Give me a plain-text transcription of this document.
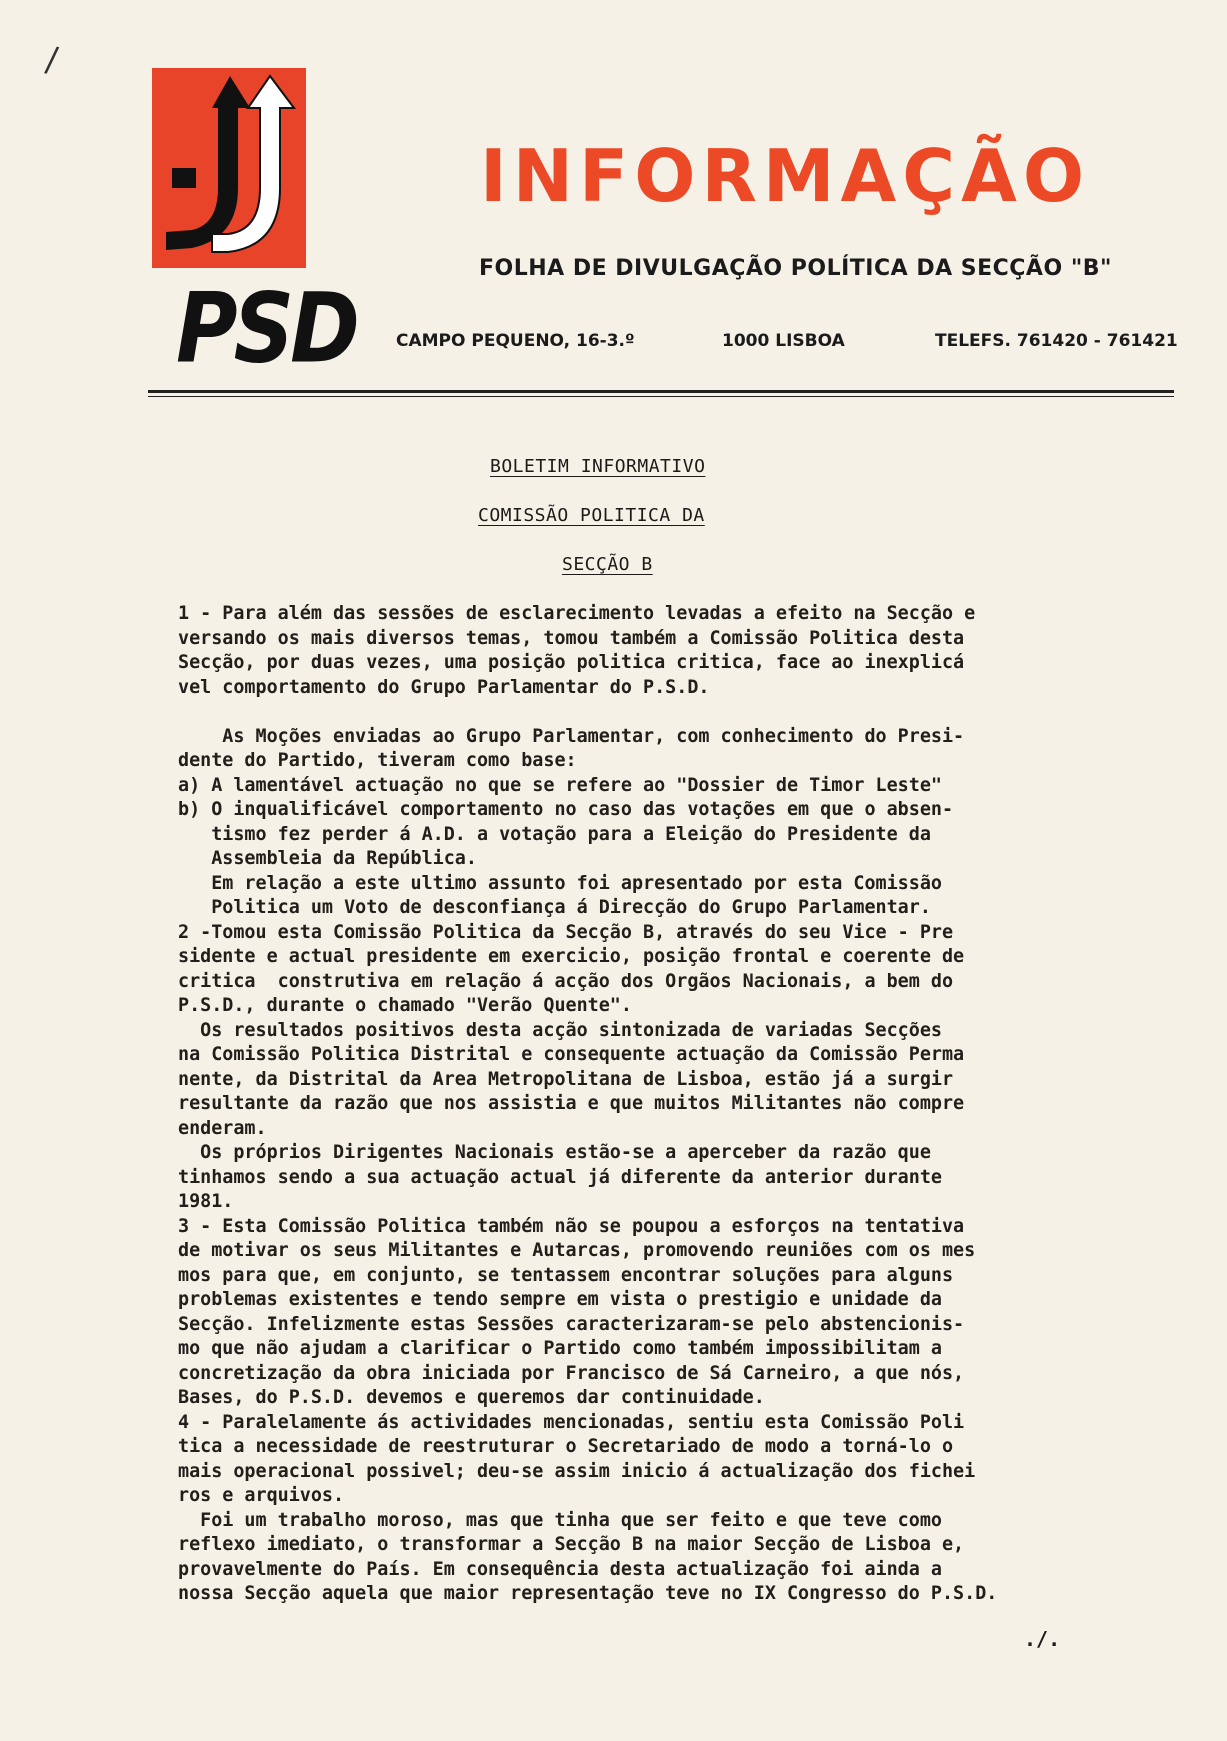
/
PSD
INFORMAÇÃO
FOLHA DE DIVULGAÇÃO POLÍTICA DA SECÇÃO "B"
CAMPO PEQUENO, 16-3.º	1000 LISBOA	TELEFS. 761420 - 761421
BOLETIM INFORMATIVO
COMISSÃO POLITICA DA
SECÇÃO B

1 - Para além das sessões de esclarecimento levadas a efeito na Secção e

versando os mais diversos temas, tomou também a Comissão Politica desta

Secção, por duas vezes, uma posição politica critica, face ao inexplicá

vel comportamento do Grupo Parlamentar do P.S.D.

As Moções enviadas ao Grupo Parlamentar, com conhecimento do Presi-

dente do Partido, tiveram como base:

a) A lamentável actuação no que se refere ao "Dossier de Timor Leste"

b) O inqualificável comportamento no caso das votações em que o absen-

tismo fez perder á A.D. a votação para a Eleição do Presidente da

Assembleia da República.

Em relação a este ultimo assunto foi apresentado por esta Comissão

Politica um Voto de desconfiança á Direcção do Grupo Parlamentar.

2 -Tomou esta Comissão Politica da Secção B, através do seu Vice - Pre

sidente e actual presidente em exercicio, posição frontal e coerente de

critica  construtiva em relação á acção dos Orgãos Nacionais, a bem do

P.S.D., durante o chamado "Verão Quente".

Os resultados positivos desta acção sintonizada de variadas Secções

na Comissão Politica Distrital e consequente actuação da Comissão Perma

nente, da Distrital da Area Metropolitana de Lisboa, estão já a surgir

resultante da razão que nos assistia e que muitos Militantes não compre

enderam.

Os próprios Dirigentes Nacionais estão-se a aperceber da razão que

tinhamos sendo a sua actuação actual já diferente da anterior durante

1981.

3 - Esta Comissão Politica também não se poupou a esforços na tentativa

de motivar os seus Militantes e Autarcas, promovendo reuniões com os mes

mos para que, em conjunto, se tentassem encontrar soluções para alguns

problemas existentes e tendo sempre em vista o prestigio e unidade da

Secção. Infelizmente estas Sessões caracterizaram-se pelo abstencionis-

mo que não ajudam a clarificar o Partido como também impossibilitam a

concretização da obra iniciada por Francisco de Sá Carneiro, a que nós,

Bases, do P.S.D. devemos e queremos dar continuidade.

4 - Paralelamente ás actividades mencionadas, sentiu esta Comissão Poli

tica a necessidade de reestruturar o Secretariado de modo a torná-lo o

mais operacional possivel; deu-se assim inicio á actualização dos fichei

ros e arquivos.

Foi um trabalho moroso, mas que tinha que ser feito e que teve como

reflexo imediato, o transformar a Secção B na maior Secção de Lisboa e,

provavelmente do País. Em consequência desta actualização foi ainda a

nossa Secção aquela que maior representação teve no IX Congresso do P.S.D.

./.
